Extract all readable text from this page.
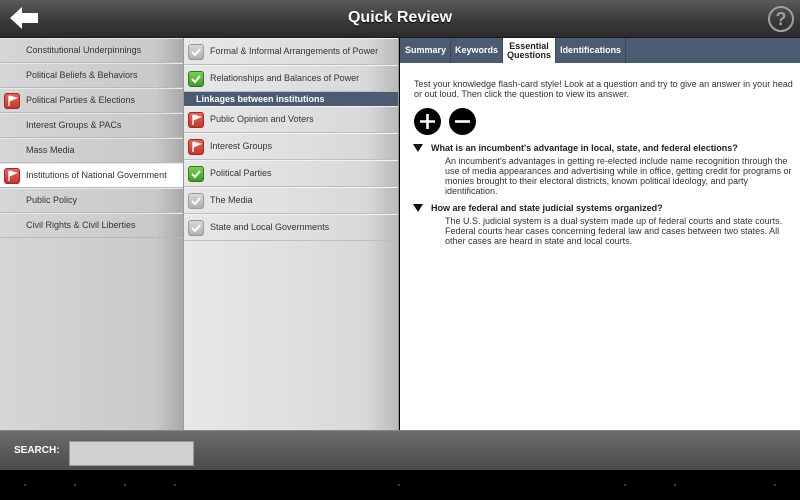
Quick Review	?
Constitutional Underpinnings
Political Beliefs & Behaviors
Political Parties & Elections
Interest Groups & PACs
Mass Media
Institutions of National Government
Public Policy
Civil Rights & Civil Liberties
Formal & Informal Arrangements of Power
Relationships and Balances of Power
Linkages between institutions
Public Opinion and Voters
Interest Groups
Political Parties
The Media
State and Local Governments
Summary	Keywords	Essential
Questions	Identifications
Test your knowledge flash-card style! Look at a question and try to give an answer in your head or out loud. Then click the question to view its answer.
What is an incumbent's advantage in local, state, and federal elections?
An incumbent's advantages in getting re-elected include name recognition through the use of media appearances and advertising while in office, getting credit for programs or monies brought to their electoral districts, known political ideology, and party identification.
How are federal and state judicial systems organized?
The U.S. judicial system is a dual system made up of federal courts and state courts. Federal courts hear cases concerning federal law and cases between two states. All other cases are heard in state and local courts.
SEARCH:
